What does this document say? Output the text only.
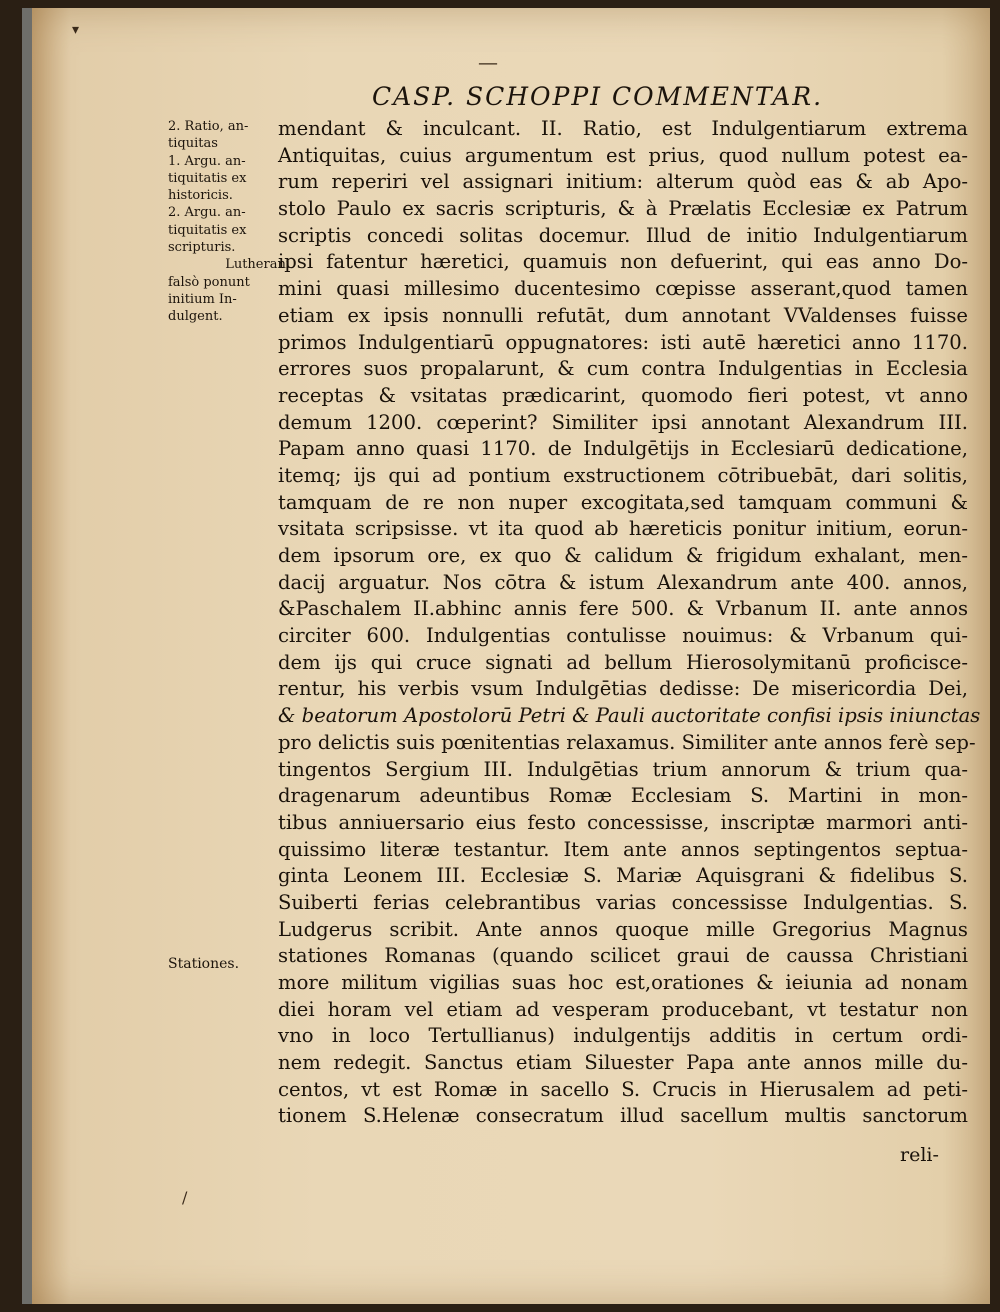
▾
—
CASP. SCHOPPI COMMENTAR.
2. Ratio, an-
tiquitas
1. Argu. an-
tiquitatis ex
historicis.
2. Argu. an-
tiquitatis ex
scripturis.
Lutherani
falsò ponunt
initium In-
dulgent.
Stationes.
mendant & inculcant. II. Ratio, est Indulgentiarum extrema
Antiquitas, cuius argumentum est prius, quod nullum potest ea-
rum reperiri vel assignari initium: alterum quòd eas & ab Apo-
stolo Paulo ex sacris scripturis, & à Prælatis Ecclesiæ ex Patrum
scriptis concedi solitas docemur. Illud de initio Indulgentiarum
ipsi fatentur hæretici, quamuis non defuerint, qui eas anno Do-
mini quasi millesimo ducentesimo cœpisse asserant,quod tamen
etiam ex ipsis nonnulli refutāt, dum annotant VValdenses fuisse
primos Indulgentiarū oppugnatores: isti autē hæretici anno 1170.
errores suos propalarunt, & cum contra Indulgentias in Ecclesia
receptas & vsitatas prædicarint, quomodo fieri potest, vt anno
demum 1200. cœperint? Similiter ipsi annotant Alexandrum III.
Papam anno quasi 1170. de Indulgētijs in Ecclesiarū dedicatione,
itemq; ijs qui ad pontium exstructionem cōtribuebāt, dari solitis,
tamquam de re non nuper excogitata,sed tamquam communi &
vsitata scripsisse. vt ita quod ab hæreticis ponitur initium, eorun-
dem ipsorum ore, ex quo & calidum & frigidum exhalant, men-
dacij arguatur. Nos cōtra & istum Alexandrum ante 400. annos,
&Paschalem II.abhinc annis fere 500. & Vrbanum II. ante annos
circiter 600. Indulgentias contulisse nouimus: & Vrbanum qui-
dem ijs qui cruce signati ad bellum Hierosolymitanū proficisce-
rentur, his verbis vsum Indulgētias dedisse: De misericordia Dei,
& beatorum Apostolorū Petri & Pauli auctoritate confisi ipsis iniunctas
pro delictis suis pœnitentias relaxamus. Similiter ante annos ferè sep-
tingentos Sergium III. Indulgētias trium annorum & trium qua-
dragenarum adeuntibus Romæ Ecclesiam S. Martini in mon-
tibus anniuersario eius festo concessisse, inscriptæ marmori anti-
quissimo literæ testantur. Item ante annos septingentos septua-
ginta Leonem III. Ecclesiæ S. Mariæ Aquisgrani & fidelibus S.
Suiberti ferias celebrantibus varias concessisse Indulgentias. S.
Ludgerus scribit. Ante annos quoque mille Gregorius Magnus
stationes Romanas (quando scilicet graui de caussa Christiani
more militum vigilias suas hoc est,orationes & ieiunia ad nonam
diei horam vel etiam ad vesperam producebant, vt testatur non
vno in loco Tertullianus) indulgentijs additis in certum ordi-
nem redegit. Sanctus etiam Siluester Papa ante annos mille du-
centos, vt est Romæ in sacello S. Crucis in Hierusalem ad peti-
tionem S.Helenæ consecratum illud sacellum multis sanctorum
reli-
/
